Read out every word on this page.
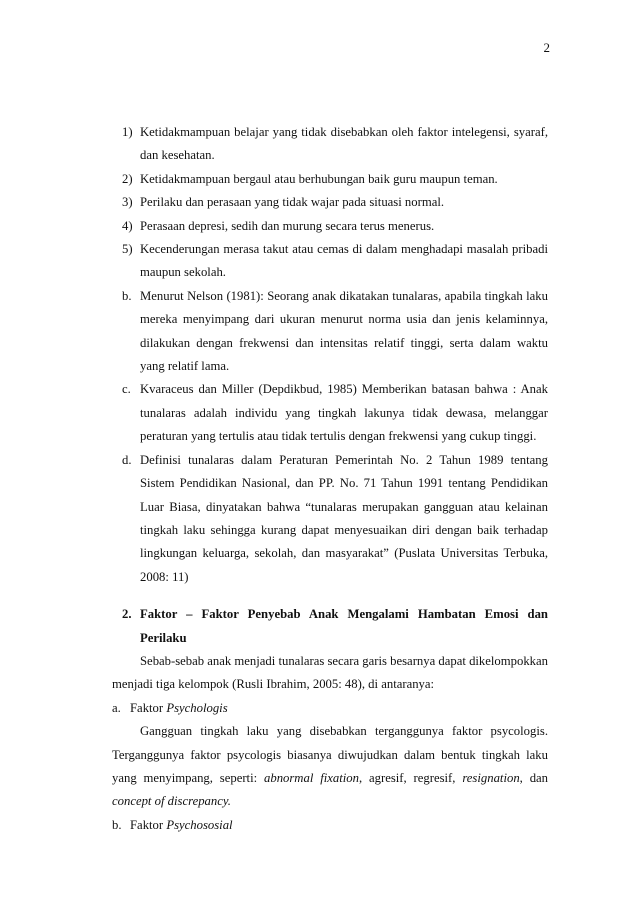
2
1) Ketidakmampuan belajar yang tidak disebabkan oleh faktor intelegensi, syaraf, dan kesehatan.
2) Ketidakmampuan bergaul atau berhubungan baik guru maupun teman.
3) Perilaku dan perasaan yang tidak wajar pada situasi normal.
4) Perasaan depresi, sedih dan murung secara terus menerus.
5) Kecenderungan merasa takut atau cemas di dalam menghadapi masalah pribadi maupun sekolah.
b. Menurut Nelson (1981): Seorang anak dikatakan tunalaras, apabila tingkah laku mereka menyimpang dari ukuran menurut norma usia dan jenis kelaminnya, dilakukan dengan frekwensi dan intensitas relatif tinggi, serta dalam waktu yang relatif lama.
c. Kvaraceus dan Miller (Depdikbud, 1985) Memberikan batasan bahwa : Anak tunalaras adalah individu yang tingkah lakunya tidak dewasa, melanggar peraturan yang tertulis atau tidak tertulis dengan frekwensi yang cukup tinggi.
d. Definisi tunalaras dalam Peraturan Pemerintah No. 2 Tahun 1989 tentang Sistem Pendidikan Nasional, dan PP. No. 71 Tahun 1991 tentang Pendidikan Luar Biasa, dinyatakan bahwa “tunalaras merupakan gangguan atau kelainan tingkah laku sehingga kurang dapat menyesuaikan diri dengan baik terhadap lingkungan keluarga, sekolah, dan masyarakat” (Puslata Universitas Terbuka, 2008: 11)
2. Faktor – Faktor Penyebab Anak Mengalami Hambatan Emosi dan Perilaku
Sebab-sebab anak menjadi tunalaras secara garis besarnya dapat dikelompokkan menjadi tiga kelompok (Rusli Ibrahim, 2005: 48), di antaranya:
a. Faktor Psychologis
Gangguan tingkah laku yang disebabkan terganggunya faktor psycologis. Terganggunya faktor psycologis biasanya diwujudkan dalam bentuk tingkah laku yang menyimpang, seperti: abnormal fixation, agresif, regresif, resignation, dan concept of discrepancy.
b. Faktor Psychososial
